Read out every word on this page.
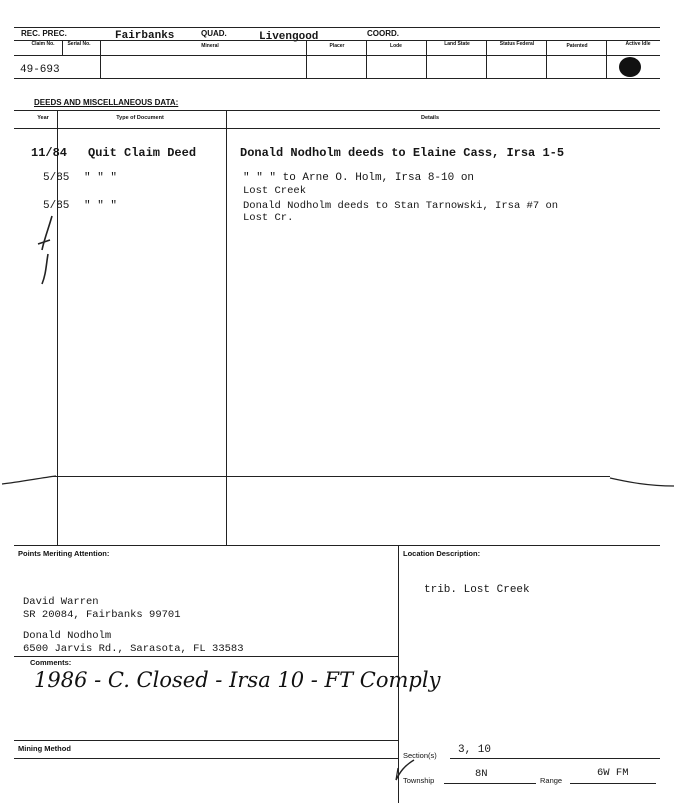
REC. PREC.	Fairbanks	QUAD.	Livengood	COORD.
Claim No.	Serial No.	Mineral	Placer	Lode	Land State	Status Federal	Patented	Active Idle
49-693
DEEDS AND MISCELLANEOUS DATA:
Year	Type of Document	Details
11/84 Quit Claim Deed	Donald Nodholm deeds to Elaine Cass, Irsa 1-5
5/85 " " "	" " " to Arne O. Holm, Irsa 8-10 on
Lost Creek
5/85 " " "	Donald Nodholm deeds to Stan Tarnowski, Irsa #7 on
Lost Cr.
Points Meriting Attention:	Location Description:
David Warren
SR 20084, Fairbanks 99701
Donald Nodholm
6500 Jarvis Rd., Sarasota, FL 33583
trib. Lost Creek
Comments:
1986 - C. Closed - Irsa 10 - FT Comply
Mining Method
Section(s) 3, 10
Township
8N
Range
6W FM
